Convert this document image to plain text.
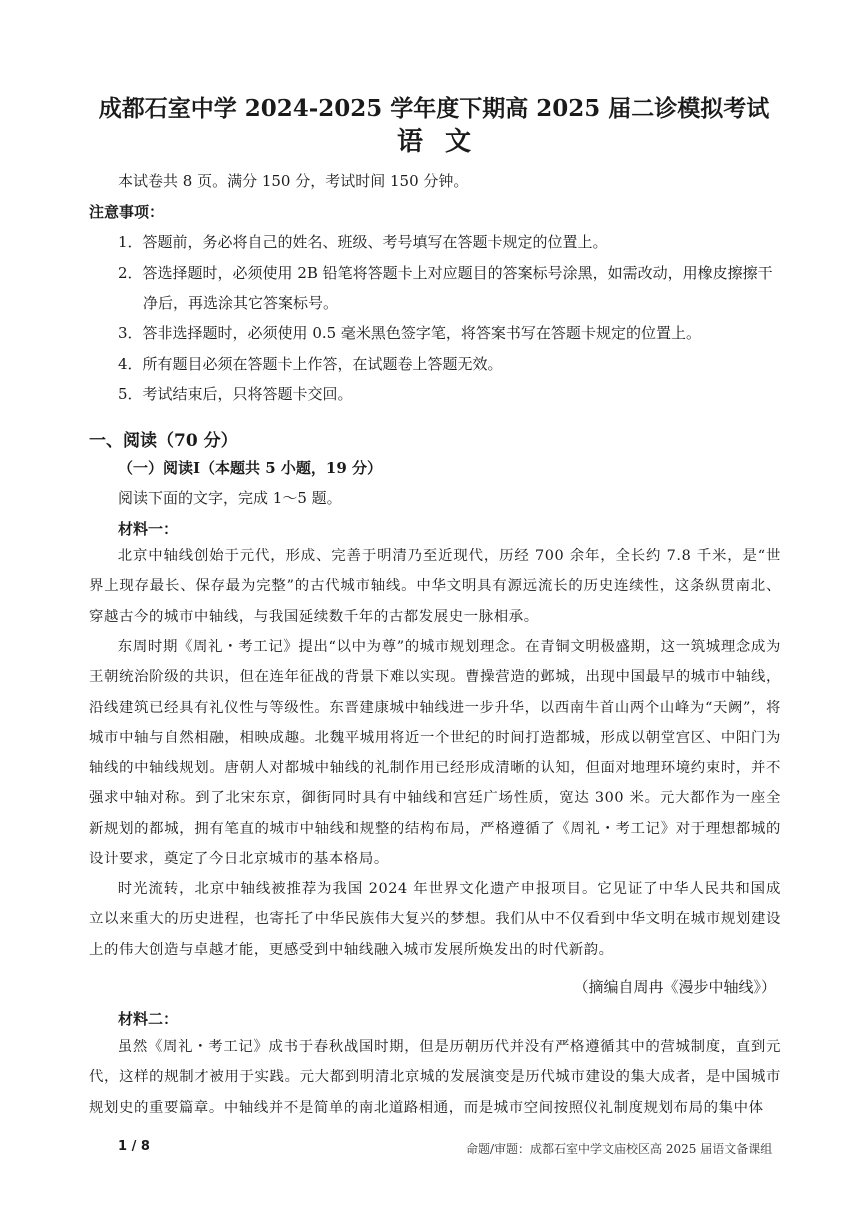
成都石室中学 2024-2025 学年度下期高 2025 届二诊模拟考试
语文
本试卷共 8 页。满分 150 分，考试时间 150 分钟。
注意事项：
1．答题前，务必将自己的姓名、班级、考号填写在答题卡规定的位置上。
2．答选择题时，必须使用 2B 铅笔将答题卡上对应题目的答案标号涂黑，如需改动，用橡皮擦擦干
净后，再选涂其它答案标号。
3．答非选择题时，必须使用 0.5 毫米黑色签字笔，将答案书写在答题卡规定的位置上。
4．所有题目必须在答题卡上作答，在试题卷上答题无效。
5．考试结束后，只将答题卡交回。
一、阅读（70 分）
（一）阅读Ⅰ（本题共 5 小题，19 分）
阅读下面的文字，完成 1～5 题。
材料一：
北京中轴线创始于元代，形成、完善于明清乃至近现代，历经 700 余年，全长约 7.8 千米，是“世界上现存最长、保存最为完整”的古代城市轴线。中华文明具有源远流长的历史连续性，这条纵贯南北、穿越古今的城市中轴线，与我国延续数千年的古都发展史一脉相承。
东周时期《周礼・考工记》提出“以中为尊”的城市规划理念。在青铜文明极盛期，这一筑城理念成为王朝统治阶级的共识，但在连年征战的背景下难以实现。曹操营造的邺城，出现中国最早的城市中轴线，沿线建筑已经具有礼仪性与等级性。东晋建康城中轴线进一步升华，以西南牛首山两个山峰为“天阙”，将城市中轴与自然相融，相映成趣。北魏平城用将近一个世纪的时间打造都城，形成以朝堂宫区、中阳门为轴线的中轴线规划。唐朝人对都城中轴线的礼制作用已经形成清晰的认知，但面对地理环境约束时，并不强求中轴对称。到了北宋东京，御街同时具有中轴线和宫廷广场性质，宽达 300 米。元大都作为一座全新规划的都城，拥有笔直的城市中轴线和规整的结构布局，严格遵循了《周礼・考工记》对于理想都城的设计要求，奠定了今日北京城市的基本格局。
时光流转，北京中轴线被推荐为我国 2024 年世界文化遗产申报项目。它见证了中华人民共和国成立以来重大的历史进程，也寄托了中华民族伟大复兴的梦想。我们从中不仅看到中华文明在城市规划建设上的伟大创造与卓越才能，更感受到中轴线融入城市发展所焕发出的时代新韵。
（摘编自周冉《漫步中轴线》）
材料二：
虽然《周礼・考工记》成书于春秋战国时期，但是历朝历代并没有严格遵循其中的营城制度，直到元代，这样的规制才被用于实践。元大都到明清北京城的发展演变是历代城市建设的集大成者，是中国城市规划史的重要篇章。中轴线并不是简单的南北道路相通，而是城市空间按照仪礼制度规划布局的集中体
1 / 8	命题/审题：成都石室中学文庙校区高 2025 届语文备课组
